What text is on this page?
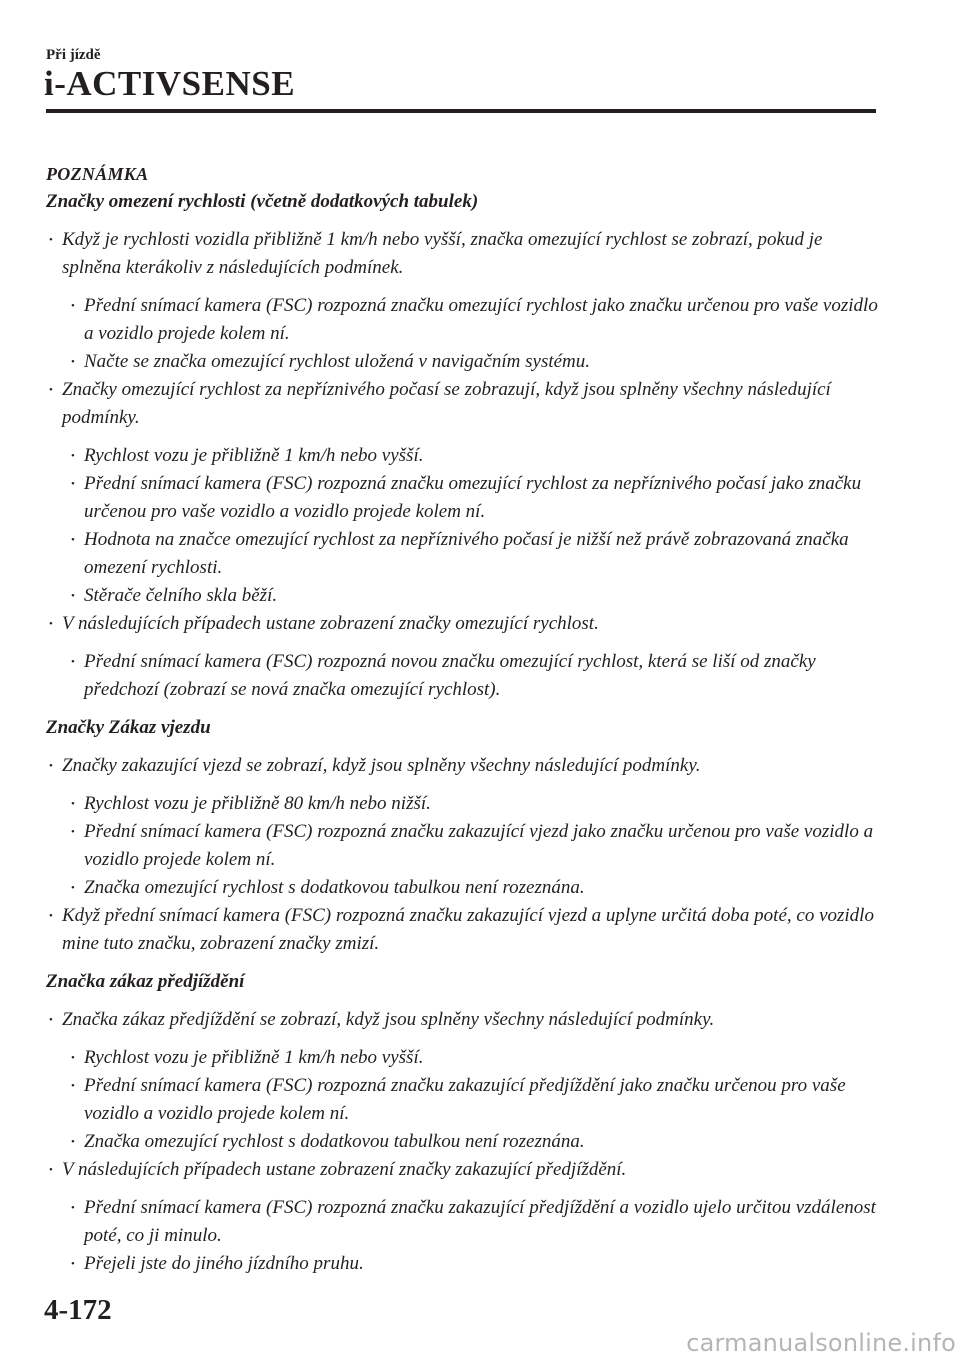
Při jízdě
i-ACTIVSENSE
POZNÁMKA
Značky omezení rychlosti (včetně dodatkových tabulek)
• Když je rychlosti vozidla přibližně 1 km/h nebo vyšší, značka omezující rychlost se zobrazí, pokud je splněna kterákoliv z následujících podmínek.
• Přední snímací kamera (FSC) rozpozná značku omezující rychlost jako značku určenou pro vaše vozidlo a vozidlo projede kolem ní.
• Načte se značka omezující rychlost uložená v navigačním systému.
• Značky omezující rychlost za nepříznivého počasí se zobrazují, když jsou splněny všechny následující podmínky.
• Rychlost vozu je přibližně 1 km/h nebo vyšší.
• Přední snímací kamera (FSC) rozpozná značku omezující rychlost za nepříznivého počasí jako značku určenou pro vaše vozidlo a vozidlo projede kolem ní.
• Hodnota na značce omezující rychlost za nepříznivého počasí je nižší než právě zobrazovaná značka omezení rychlosti.
• Stěrače čelního skla běží.
• V následujících případech ustane zobrazení značky omezující rychlost.
• Přední snímací kamera (FSC) rozpozná novou značku omezující rychlost, která se liší od značky předchozí (zobrazí se nová značka omezující rychlost).
Značky Zákaz vjezdu
• Značky zakazující vjezd se zobrazí, když jsou splněny všechny následující podmínky.
• Rychlost vozu je přibližně 80 km/h nebo nižší.
• Přední snímací kamera (FSC) rozpozná značku zakazující vjezd jako značku určenou pro vaše vozidlo a vozidlo projede kolem ní.
• Značka omezující rychlost s dodatkovou tabulkou není rozeznána.
• Když přední snímací kamera (FSC) rozpozná značku zakazující vjezd a uplyne určitá doba poté, co vozidlo mine tuto značku, zobrazení značky zmizí.
Značka zákaz předjíždění
• Značka zákaz předjíždění se zobrazí, když jsou splněny všechny následující podmínky.
• Rychlost vozu je přibližně 1 km/h nebo vyšší.
• Přední snímací kamera (FSC) rozpozná značku zakazující předjíždění jako značku určenou pro vaše vozidlo a vozidlo projede kolem ní.
• Značka omezující rychlost s dodatkovou tabulkou není rozeznána.
• V následujících případech ustane zobrazení značky zakazující předjíždění.
• Přední snímací kamera (FSC) rozpozná značku zakazující předjíždění a vozidlo ujelo určitou vzdálenost poté, co ji minulo.
• Přejeli jste do jiného jízdního pruhu.
4-172
carmanualsonline.info
